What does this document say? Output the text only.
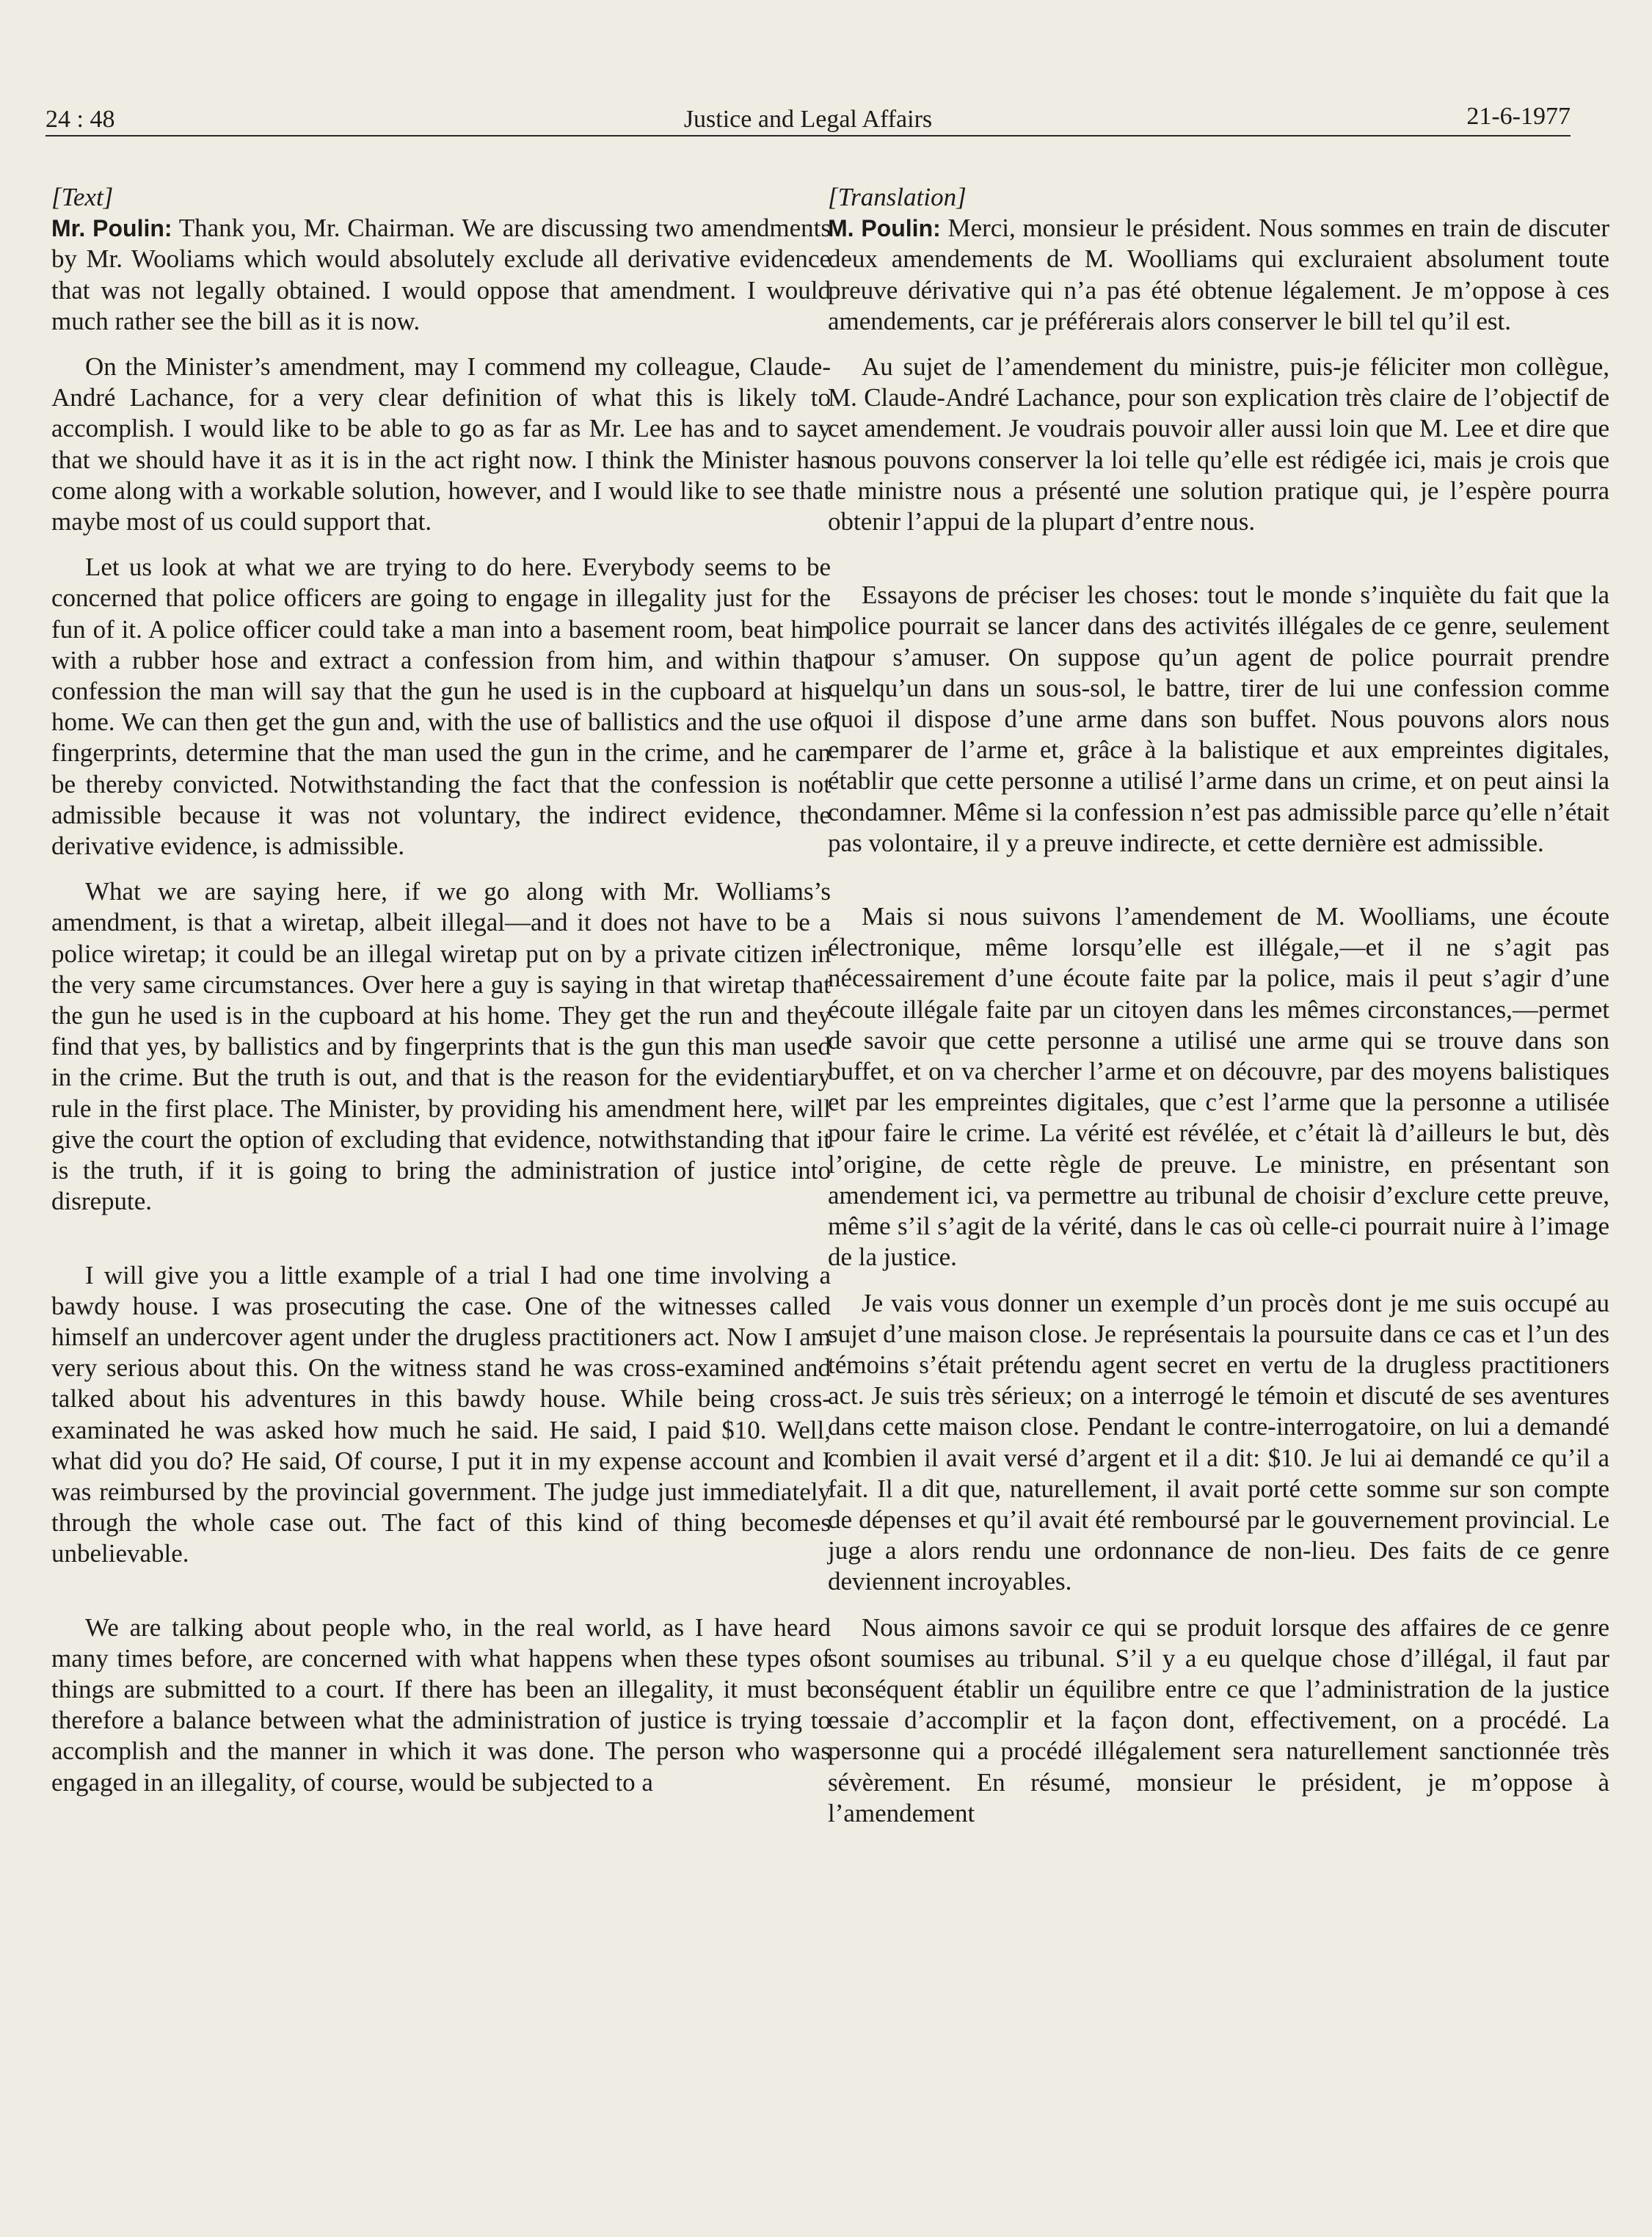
24 : 48	Justice and Legal Affairs	21-6-1977
[Text]

Mr. Poulin: Thank you, Mr. Chairman. We are discussing two amendments by Mr. Wooliams which would absolutely exclude all derivative evidence that was not legally obtained. I would oppose that amendment. I would much rather see the bill as it is now.

On the Minister’s amendment, may I commend my colleague, Claude-André Lachance, for a very clear definition of what this is likely to accomplish. I would like to be able to go as far as Mr. Lee has and to say that we should have it as it is in the act right now. I think the Minister has come along with a workable solution, however, and I would like to see that maybe most of us could support that.

Let us look at what we are trying to do here. Everybody seems to be concerned that police officers are going to engage in illegality just for the fun of it. A police officer could take a man into a basement room, beat him with a rubber hose and extract a confession from him, and within that confession the man will say that the gun he used is in the cupboard at his home. We can then get the gun and, with the use of ballistics and the use of fingerprints, determine that the man used the gun in the crime, and he can be thereby convicted. Notwithstanding the fact that the confession is not admissible because it was not voluntary, the indirect evidence, the derivative evidence, is admissible.

What we are saying here, if we go along with Mr. Wolliams’s amendment, is that a wiretap, albeit illegal—and it does not have to be a police wiretap; it could be an illegal wiretap put on by a private citizen in the very same circumstances. Over here a guy is saying in that wiretap that the gun he used is in the cupboard at his home. They get the run and they find that yes, by ballistics and by fingerprints that is the gun this man used in the crime. But the truth is out, and that is the reason for the evidentiary rule in the first place. The Minister, by providing his amendment here, will give the court the option of excluding that evidence, notwithstanding that it is the truth, if it is going to bring the administration of justice into disrepute.

I will give you a little example of a trial I had one time involving a bawdy house. I was prosecuting the case. One of the witnesses called himself an undercover agent under the drugless practitioners act. Now I am very serious about this. On the witness stand he was cross-examined and talked about his adventures in this bawdy house. While being cross-examinated he was asked how much he said. He said, I paid $10. Well, what did you do? He said, Of course, I put it in my expense account and I was reimbursed by the provincial government. The judge just immediately through the whole case out. The fact of this kind of thing becomes unbelievable.

We are talking about people who, in the real world, as I have heard many times before, are concerned with what happens when these types of things are submitted to a court. If there has been an illegality, it must be therefore a balance between what the administration of justice is trying to accomplish and the manner in which it was done. The person who was engaged in an illegality, of course, would be subjected to a

[Translation]

M. Poulin: Merci, monsieur le président. Nous sommes en train de discuter deux amendements de M. Woolliams qui excluraient absolument toute preuve dérivative qui n’a pas été obtenue légalement. Je m’oppose à ces amendements, car je préférerais alors conserver le bill tel qu’il est.

Au sujet de l’amendement du ministre, puis-je féliciter mon collègue, M. Claude-André Lachance, pour son explication très claire de l’objectif de cet amendement. Je voudrais pouvoir aller aussi loin que M. Lee et dire que nous pouvons conserver la loi telle qu’elle est rédigée ici, mais je crois que le ministre nous a présenté une solution pratique qui, je l’espère pourra obtenir l’appui de la plupart d’entre nous.

Essayons de préciser les choses: tout le monde s’inquiète du fait que la police pourrait se lancer dans des activités illégales de ce genre, seulement pour s’amuser. On suppose qu’un agent de police pourrait prendre quelqu’un dans un sous-sol, le battre, tirer de lui une confession comme quoi il dispose d’une arme dans son buffet. Nous pouvons alors nous emparer de l’arme et, grâce à la balistique et aux empreintes digitales, établir que cette personne a utilisé l’arme dans un crime, et on peut ainsi la condamner. Même si la confession n’est pas admissible parce qu’elle n’était pas volontaire, il y a preuve indirecte, et cette dernière est admissible.

Mais si nous suivons l’amendement de M. Woolliams, une écoute électronique, même lorsqu’elle est illégale,—et il ne s’agit pas nécessairement d’une écoute faite par la police, mais il peut s’agir d’une écoute illégale faite par un citoyen dans les mêmes circonstances,—permet de savoir que cette personne a utilisé une arme qui se trouve dans son buffet, et on va chercher l’arme et on découvre, par des moyens balistiques et par les empreintes digitales, que c’est l’arme que la personne a utilisée pour faire le crime. La vérité est révélée, et c’était là d’ailleurs le but, dès l’origine, de cette règle de preuve. Le ministre, en présentant son amendement ici, va permettre au tribunal de choisir d’exclure cette preuve, même s’il s’agit de la vérité, dans le cas où celle-ci pourrait nuire à l’image de la justice.

Je vais vous donner un exemple d’un procès dont je me suis occupé au sujet d’une maison close. Je représentais la poursuite dans ce cas et l’un des témoins s’était prétendu agent secret en vertu de la drugless practitioners act. Je suis très sérieux; on a interrogé le témoin et discuté de ses aventures dans cette maison close. Pendant le contre-interrogatoire, on lui a demandé combien il avait versé d’argent et il a dit: $10. Je lui ai demandé ce qu’il a fait. Il a dit que, naturellement, il avait porté cette somme sur son compte de dépenses et qu’il avait été remboursé par le gouvernement provincial. Le juge a alors rendu une ordonnance de non-lieu. Des faits de ce genre deviennent incroyables.

Nous aimons savoir ce qui se produit lorsque des affaires de ce genre sont soumises au tribunal. S’il y a eu quelque chose d’illégal, il faut par conséquent établir un équilibre entre ce que l’administration de la justice essaie d’accomplir et la façon dont, effectivement, on a procédé. La personne qui a procédé illégalement sera naturellement sanctionnée très sévèrement. En résumé, monsieur le président, je m’oppose à l’amendement
